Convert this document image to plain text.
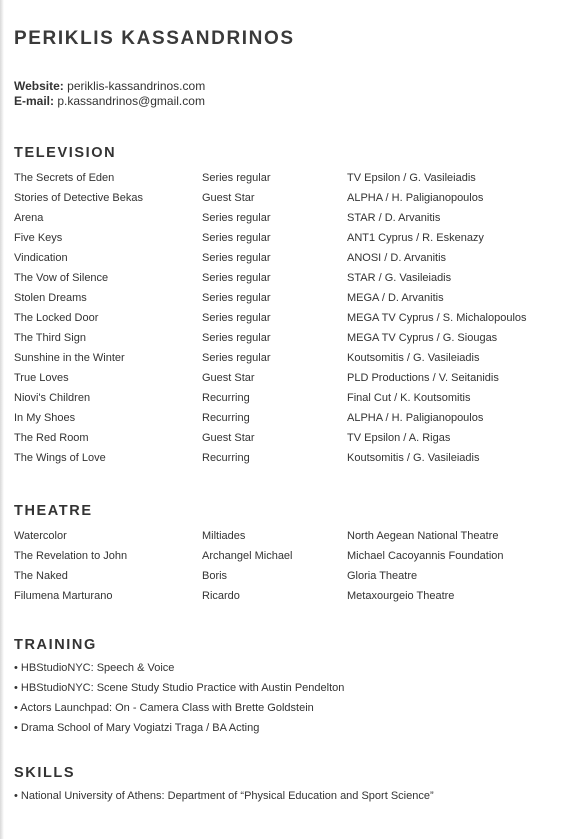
PERIKLIS KASSANDRINOS
Website: periklis-kassandrinos.com
E-mail: p.kassandrinos@gmail.com
TELEVISION
The Secrets of Eden	Series regular	TV Epsilon / G. Vasileiadis
Stories of Detective Bekas	Guest Star	ALPHA / H. Paligianopoulos
Arena	Series regular	STAR / D. Arvanitis
Five Keys	Series regular	ANT1 Cyprus / R. Eskenazy
Vindication	Series regular	ANOSI / D. Arvanitis
The Vow of Silence	Series regular	STAR / G. Vasileiadis
Stolen Dreams	Series regular	MEGA / D. Arvanitis
The Locked Door	Series regular	MEGA TV Cyprus / S. Michalopoulos
The Third Sign	Series regular	MEGA TV Cyprus / G. Siougas
Sunshine in the Winter	Series regular	Koutsomitis / G. Vasileiadis
True Loves	Guest Star	PLD Productions / V. Seitanidis
Niovi's Children	Recurring	Final Cut / K. Koutsomitis
In My Shoes	Recurring	ALPHA / H. Paligianopoulos
The Red Room	Guest Star	TV Epsilon / A. Rigas
The Wings of Love	Recurring	Koutsomitis / G. Vasileiadis
THEATRE
Watercolor	Miltiades	North Aegean National Theatre
The Revelation to John	Archangel Michael	Michael Cacoyannis Foundation
The Naked	Boris	Gloria Theatre
Filumena Marturano	Ricardo	Metaxourgeio Theatre
TRAINING
• HBStudioNYC: Speech & Voice
• HBStudioNYC: Scene Study Studio Practice with Austin Pendelton
• Actors Launchpad: On - Camera Class with Brette Goldstein
• Drama School of Mary Vogiatzi Traga / BA Acting
SKILLS
• National University of Athens: Department of “Physical Education and Sport Science”
